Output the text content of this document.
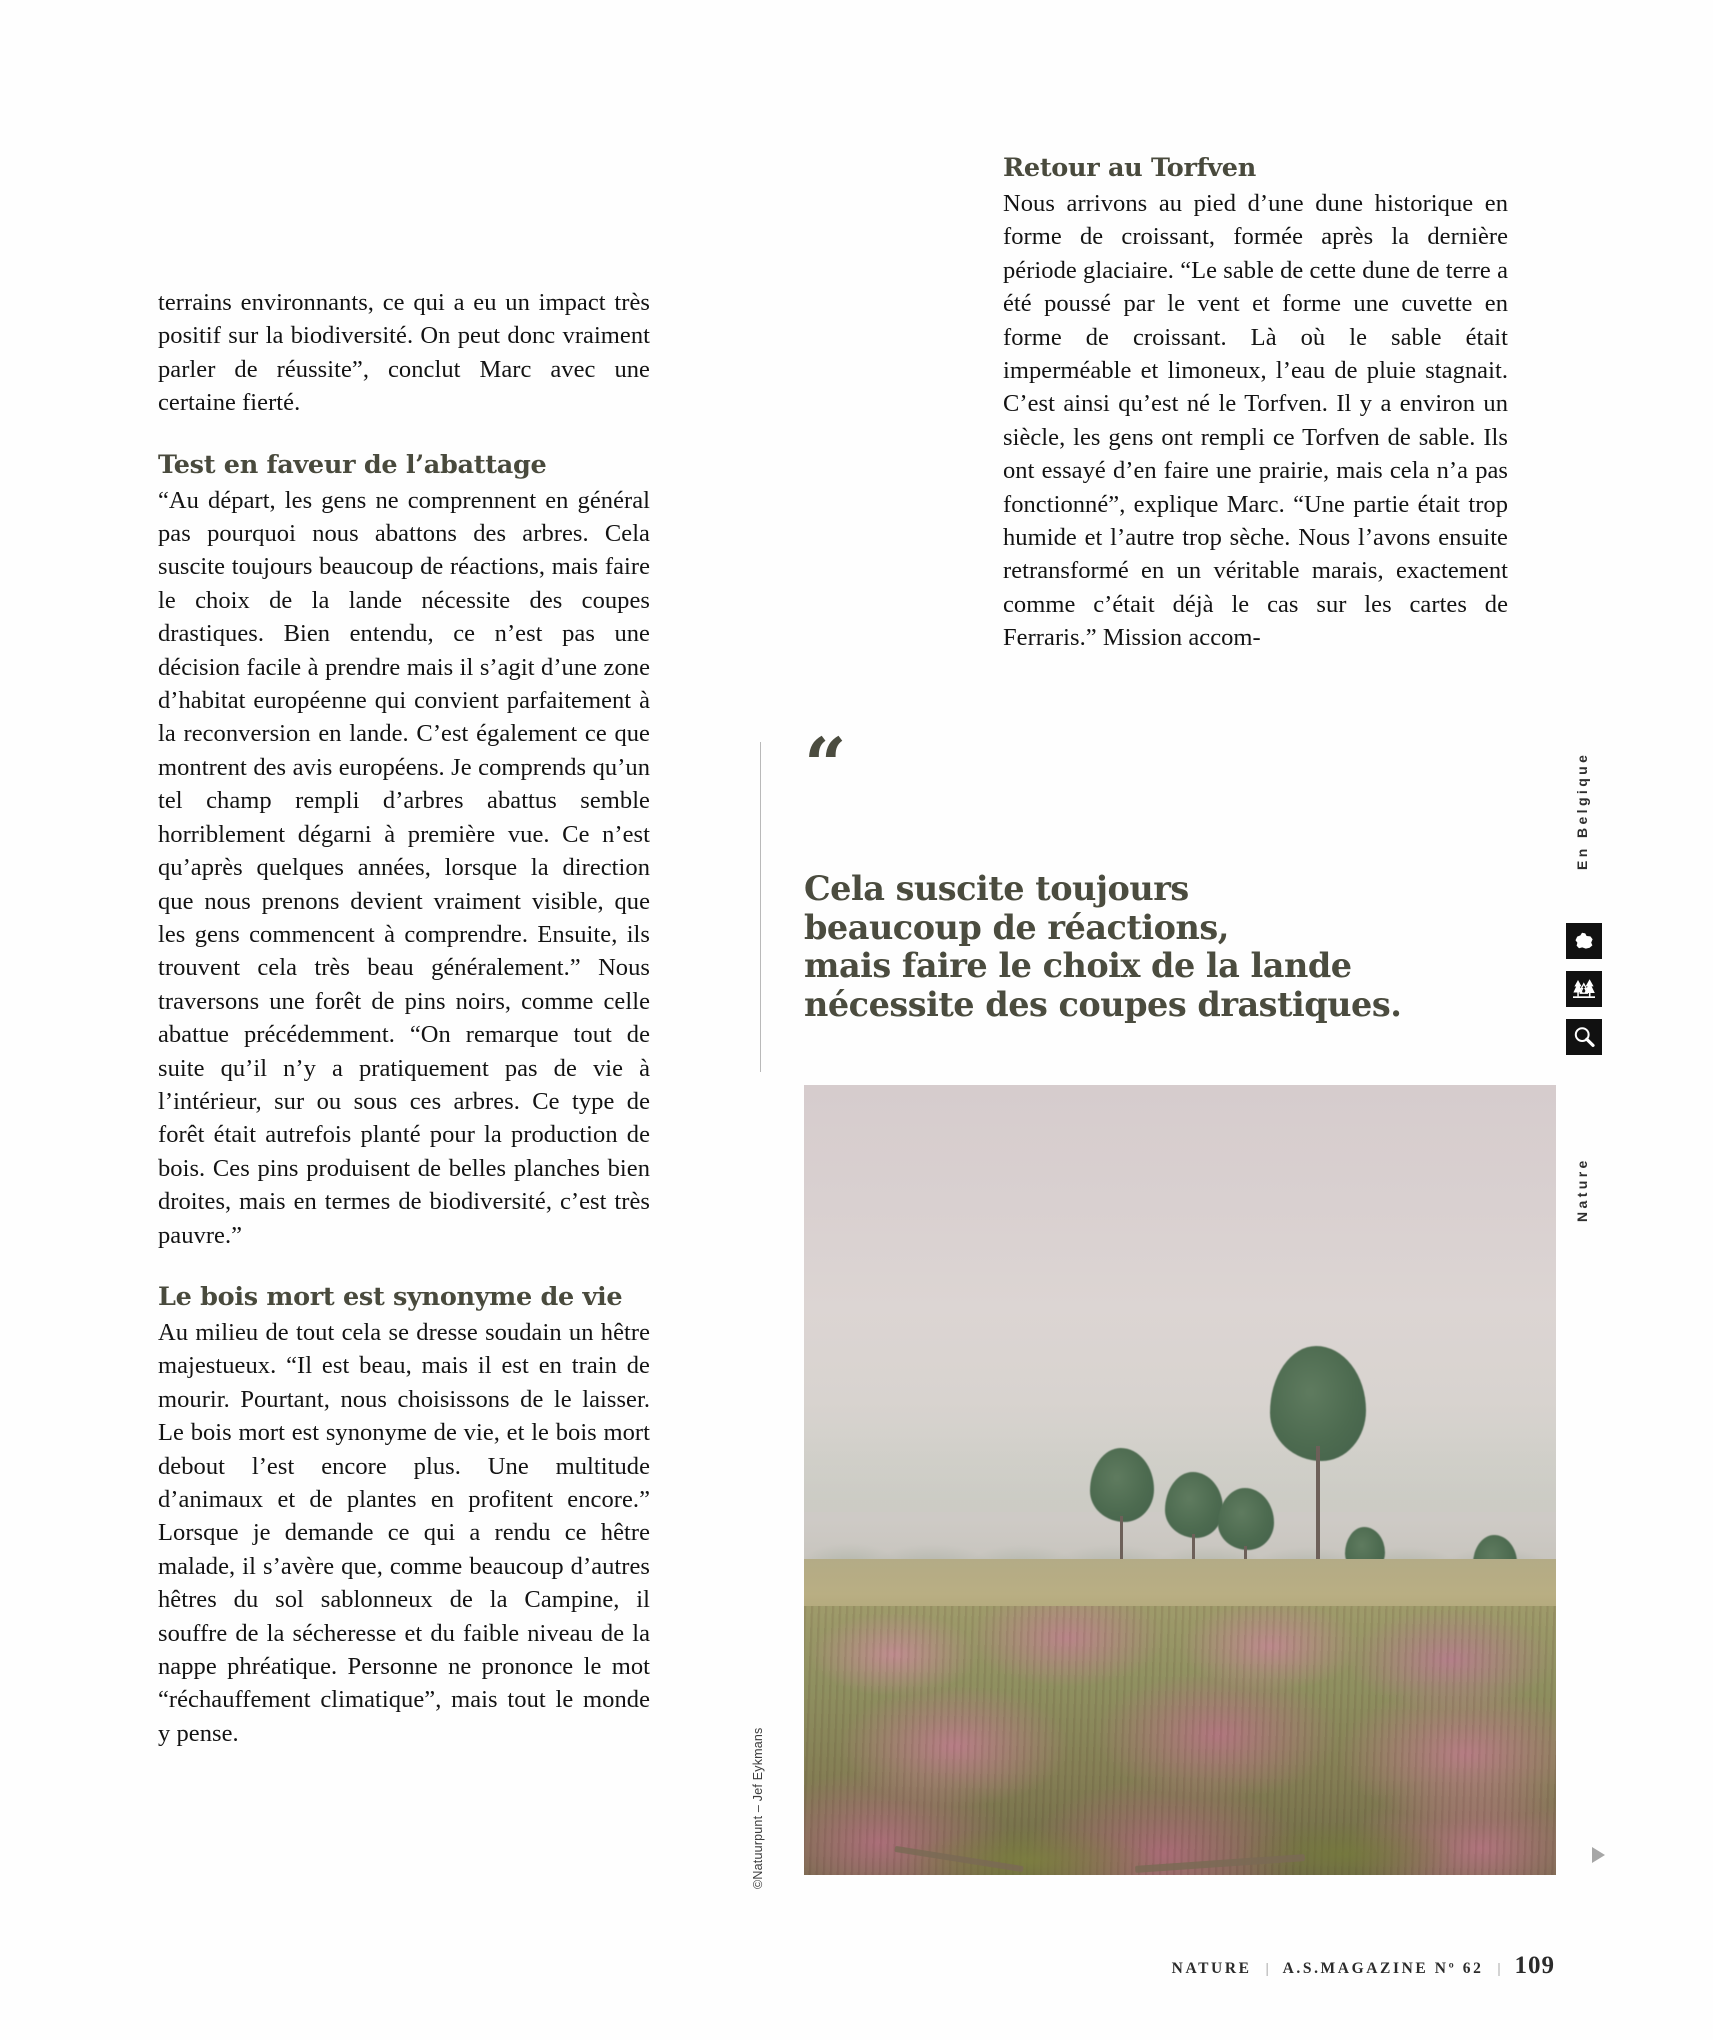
terrains environnants, ce qui a eu un impact très positif sur la biodiversité. On peut donc vraiment parler de réussite”, conclut Marc avec une certaine fierté.

Test en faveur de l’abattage

“Au départ, les gens ne comprennent en général pas pourquoi nous abattons des arbres. Cela suscite toujours beaucoup de réactions, mais faire le choix de la lande nécessite des coupes drastiques. Bien entendu, ce n’est pas une décision facile à prendre mais il s’agit d’une zone d’habitat européenne qui convient parfaitement à la reconversion en lande. C’est également ce que montrent des avis européens. Je comprends qu’un tel champ rempli d’arbres abattus semble horriblement dégarni à première vue. Ce n’est qu’après quelques années, lorsque la direction que nous prenons devient vraiment visible, que les gens commencent à comprendre. Ensuite, ils trouvent cela très beau généralement.” Nous traversons une forêt de pins noirs, comme celle abattue précédemment. “On remarque tout de suite qu’il n’y a pratiquement pas de vie à l’intérieur, sur ou sous ces arbres. Ce type de forêt était autrefois planté pour la production de bois. Ces pins produisent de belles planches bien droites, mais en termes de biodiversité, c’est très pauvre.”

Le bois mort est synonyme de vie

Au milieu de tout cela se dresse soudain un hêtre majestueux. “Il est beau, mais il est en train de mourir. Pourtant, nous choisissons de le laisser. Le bois mort est synonyme de vie, et le bois mort debout l’est encore plus. Une multitude d’animaux et de plantes en profitent encore.” Lorsque je demande ce qui a rendu ce hêtre malade, il s’avère que, comme beaucoup d’autres hêtres du sol sablonneux de la Campine, il souffre de la sécheresse et du faible niveau de la nappe phréatique. Personne ne prononce le mot “réchauffement climatique”, mais tout le monde y pense.

Retour au Torfven

Nous arrivons au pied d’une dune historique en forme de croissant, formée après la dernière période glaciaire. “Le sable de cette dune de terre a été poussé par le vent et forme une cuvette en forme de croissant. Là où le sable était imperméable et limoneux, l’eau de pluie stagnait. C’est ainsi qu’est né le Torfven. Il y a environ un siècle, les gens ont rempli ce Torfven de sable. Ils ont essayé d’en faire une prairie, mais cela n’a pas fonctionné”, explique Marc. “Une partie était trop humide et l’autre trop sèche. Nous l’avons ensuite retransformé en un véritable marais, exactement comme c’était déjà le cas sur les cartes de Ferraris.” Mission accom-

“
Cela suscite toujours
beaucoup de réactions,
mais faire le choix de la lande
nécessite des coupes drastiques.
©Natuurpunt – Jef Eykmans
En Belgique
Nature
NATURE | A.S.MAGAZINE Nº 62 | 109
